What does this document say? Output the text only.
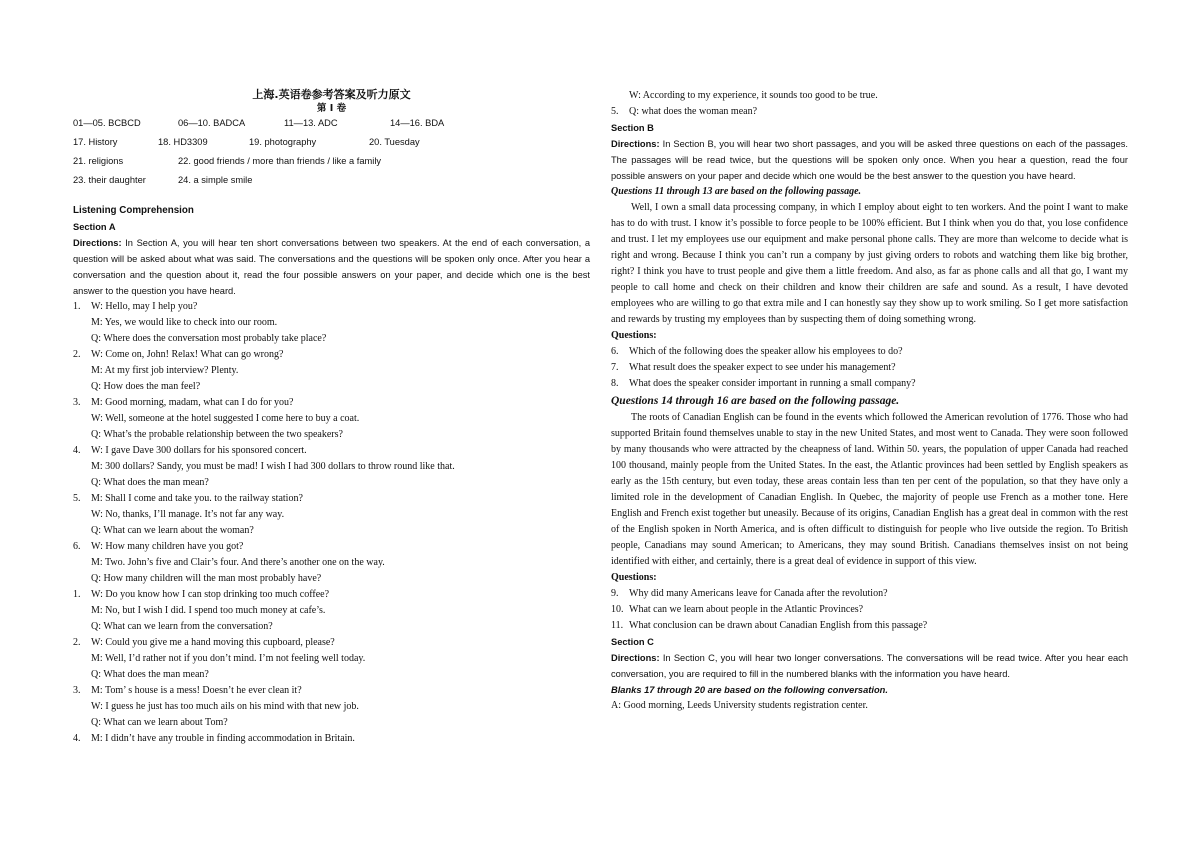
上海.英语卷参考答案及听力原文
第 I 卷
01—05. BCBCD	06—10. BADCA	11—13. ADC	14—16. BDA
17. History	18. HD3309	19. photography	20. Tuesday
21. religions	22. good friends / more than friends / like a family
23. their daughter	24. a simple smile
Listening Comprehension
Section A
Directions: In Section A, you will hear ten short conversations between two speakers. At the end of each conversation, a question will be asked about what was said. The conversations and the questions will be spoken only once. After you hear a conversation and the question about it, read the four possible answers on your paper, and decide which one is the best answer to the question you have heard.
1.	W: Hello, may I help you?
M: Yes, we would like to check into our room.
Q: Where does the conversation most probably take place?
2.	W: Come on, John! Relax! What can go wrong?
M: At my first job interview? Plenty.
Q: How does the man feel?
3.	M: Good morning, madam, what can I do for you?
W: Well, someone at the hotel suggested I come here to buy a coat.
Q: What’s the probable relationship between the two speakers?
4.	W: I gave Dave 300 dollars for his sponsored concert.
M: 300 dollars? Sandy, you must be mad! I wish I had 300 dollars to throw round like that.
Q: What does the man mean?
5.	M: Shall I come and take you. to the railway station?
W: No, thanks, I’ll manage. It’s not far any way.
Q: What can we learn about the woman?
6.	W: How many children have you got?
M: Two. John’s five and Clair’s four. And there’s another one on the way.
Q: How many children will the man most probably have?
1.	W: Do you know how I can stop drinking too much coffee?
M: No, but I wish I did. I spend too much money at cafe’s.
Q: What can we learn from the conversation?
2.	W: Could you give me a hand moving this cupboard, please?
M: Well, I’d rather not if you don’t mind. I’m not feeling well today.
Q: What does the man mean?
3.	M: Tom’ s house is a mess! Doesn’t he ever clean it?
W: I guess he just has too much ails on his mind with that new job.
Q: What can we learn about Tom?
4.	M: I didn’t have any trouble in finding accommodation in Britain.
W: According to my experience, it sounds too good to be true.
5.	Q: what does the woman mean?
Section B
Directions: In Section B, you will hear two short passages, and you will be asked three questions on each of the passages. The passages will be read twice, but the questions will be spoken only once. When you hear a question, read the four possible answers on your paper and decide which one would be the best answer to the question you have heard.
Questions 11 through 13 are based on the following passage.
Well, I own a small data processing company, in which I employ about eight to ten workers. And the point I want to make has to do with trust. I know it’s possible to force people to be 100% efficient. But I think when you do that, you lose confidence and trust. I let my employees use our equipment and make personal phone calls. They are more than welcome to decide what is right and wrong. Because I think you can’t run a company by just giving orders to robots and watching them like big brother, right? I think you have to trust people and give them a little freedom. And also, as far as phone calls and all that go, I want my people to call home and check on their children and know their children are safe and sound. As a result, I have devoted employees who are willing to go that extra mile and I can honestly say they show up to work smiling. So I get more satisfaction and rewards by trusting my employees than by suspecting them of doing something wrong.
Questions:
6.	Which of the following does the speaker allow his employees to do?
7.	What result does the speaker expect to see under his management?
8.	What does the speaker consider important in running a small company?
Questions 14 through 16 are based on the following passage.
The roots of Canadian English can be found in the events which followed the American revolution of 1776. Those who had supported Britain found themselves unable to stay in the new United States, and most went to Canada. They were soon followed by many thousands who were attracted by the cheapness of land. Within 50. years, the population of upper Canada had reached 100 thousand, mainly people from the United States. In the east, the Atlantic provinces had been settled by English speakers as early as the 15th century, but even today, these areas contain less than ten per cent of the population, so that they have only a limited role in the development of Canadian English. In Quebec, the majority of people use French as a mother tone. Here English and French exist together but uneasily. Because of its origins, Canadian English has a great deal in common with the rest of the English spoken in North America, and is often difficult to distinguish for people who live outside the region. To British people, Canadians may sound American; to Americans, they may sound British. Canadians themselves insist on not being identified with either, and certainly, there is a great deal of evidence in support of this view.
Questions:
9.	Why did many Americans leave for Canada after the revolution?
10. What can we learn about people in the Atlantic Provinces?
11. What conclusion can be drawn about Canadian English from this passage?
Section C
Directions: In Section C, you will hear two longer conversations. The conversations will be read twice. After you hear each conversation, you are required to fill in the numbered blanks with the information you have heard.
Blanks 17 through 20 are based on the following conversation.
A: Good morning, Leeds University students registration center.
